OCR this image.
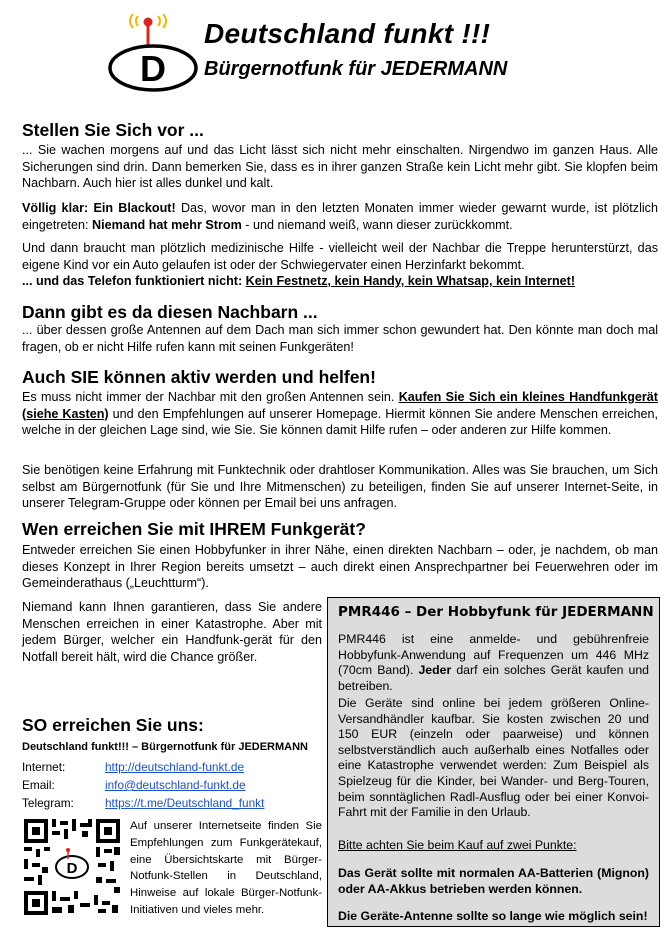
D
Deutschland funkt !!!
Bürgernotfunk für JEDERMANN
Stellen Sie Sich vor ...
... Sie wachen morgens auf und das Licht lässt sich nicht mehr einschalten. Nirgendwo im ganzen Haus. Alle Sicherungen sind drin. Dann bemerken Sie, dass es in ihrer ganzen Straße kein Licht mehr gibt. Sie klopfen beim Nachbarn. Auch hier ist alles dunkel und kalt.
Völlig klar: Ein Blackout! Das, wovor man in den letzten Monaten immer wieder gewarnt wurde, ist plötzlich eingetreten: Niemand hat mehr Strom - und niemand weiß, wann dieser zurückkommt.
Und dann braucht man plötzlich medizinische Hilfe - vielleicht weil der Nachbar die Treppe herunterstürzt, das eigene Kind vor ein Auto gelaufen ist oder der Schwiegervater einen Herzinfarkt bekommt.
... und das Telefon funktioniert nicht: Kein Festnetz, kein Handy, kein Whatsap, kein Internet!
Dann gibt es da diesen Nachbarn ...
... über dessen große Antennen auf dem Dach man sich immer schon gewundert hat. Den könnte man doch mal fragen, ob er nicht Hilfe rufen kann mit seinen Funkgeräten!
Auch SIE können aktiv werden und helfen!
Es muss nicht immer der Nachbar mit den großen Antennen sein. Kaufen Sie Sich ein kleines Handfunkgerät (siehe Kasten) und den Empfehlungen auf unserer Homepage. Hiermit können Sie andere Menschen erreichen, welche in der gleichen Lage sind, wie Sie. Sie können damit Hilfe rufen – oder anderen zur Hilfe kommen.
Sie benötigen keine Erfahrung mit Funktechnik oder drahtloser Kommunikation. Alles was Sie brauchen, um Sich selbst am Bürgernotfunk (für Sie und Ihre Mitmenschen) zu beteiligen, finden Sie auf unserer Internet-Seite, in unserer Telegram-Gruppe oder können per Email bei uns anfragen.
Wen erreichen Sie mit IHREM Funkgerät?
Entweder erreichen Sie einen Hobbyfunker in ihrer Nähe, einen direkten Nachbarn – oder, je nachdem, ob man dieses Konzept in Ihrer Region bereits umsetzt – auch direkt einen Ansprechpartner bei Feuerwehren oder im Gemeinderathaus („Leuchtturm“).
Niemand kann Ihnen garantieren, dass Sie andere Menschen erreichen in einer Katastrophe. Aber mit jedem Bürger, welcher ein Handfunk-gerät für den Notfall bereit hält, wird die Chance größer.
PMR446 – Der Hobbyfunk für JEDERMANN
PMR446 ist eine anmelde- und gebührenfreie Hobbyfunk-Anwendung auf Frequenzen um 446 MHz (70cm Band). Jeder darf ein solches Gerät kaufen und betreiben.
Die Geräte sind online bei jedem größeren Online-Versandhändler kaufbar. Sie kosten zwischen 20 und 150 EUR (einzeln oder paarweise) und können selbstverständlich auch außerhalb eines Notfalles oder eine Katastrophe verwendet werden: Zum Beispiel als Spielzeug für die Kinder, bei Wander- und Berg-Touren, beim sonntäglichen Radl-Ausflug oder bei einer Konvoi-Fahrt mit der Familie in den Urlaub.
Bitte achten Sie beim Kauf auf zwei Punkte:
Das Gerät sollte mit normalen AA-Batterien (Mignon) oder AA-Akkus betrieben werden können.
Die Geräte-Antenne sollte so lange wie möglich sein!
SO erreichen Sie uns:
Deutschland funkt!!! – Bürgernotfunk für JEDERMANN
Internet:	http://deutschland-funkt.de
Email:	info@deutschland-funkt.de
Telegram:	https://t.me/Deutschland_funkt
D
Auf unserer Internetseite finden Sie Empfehlungen zum Funkgerätekauf, eine Übersichtskarte mit Bürger-Notfunk-Stellen in Deutschland, Hinweise auf lokale Bürger-Notfunk-Initiativen und vieles mehr.
